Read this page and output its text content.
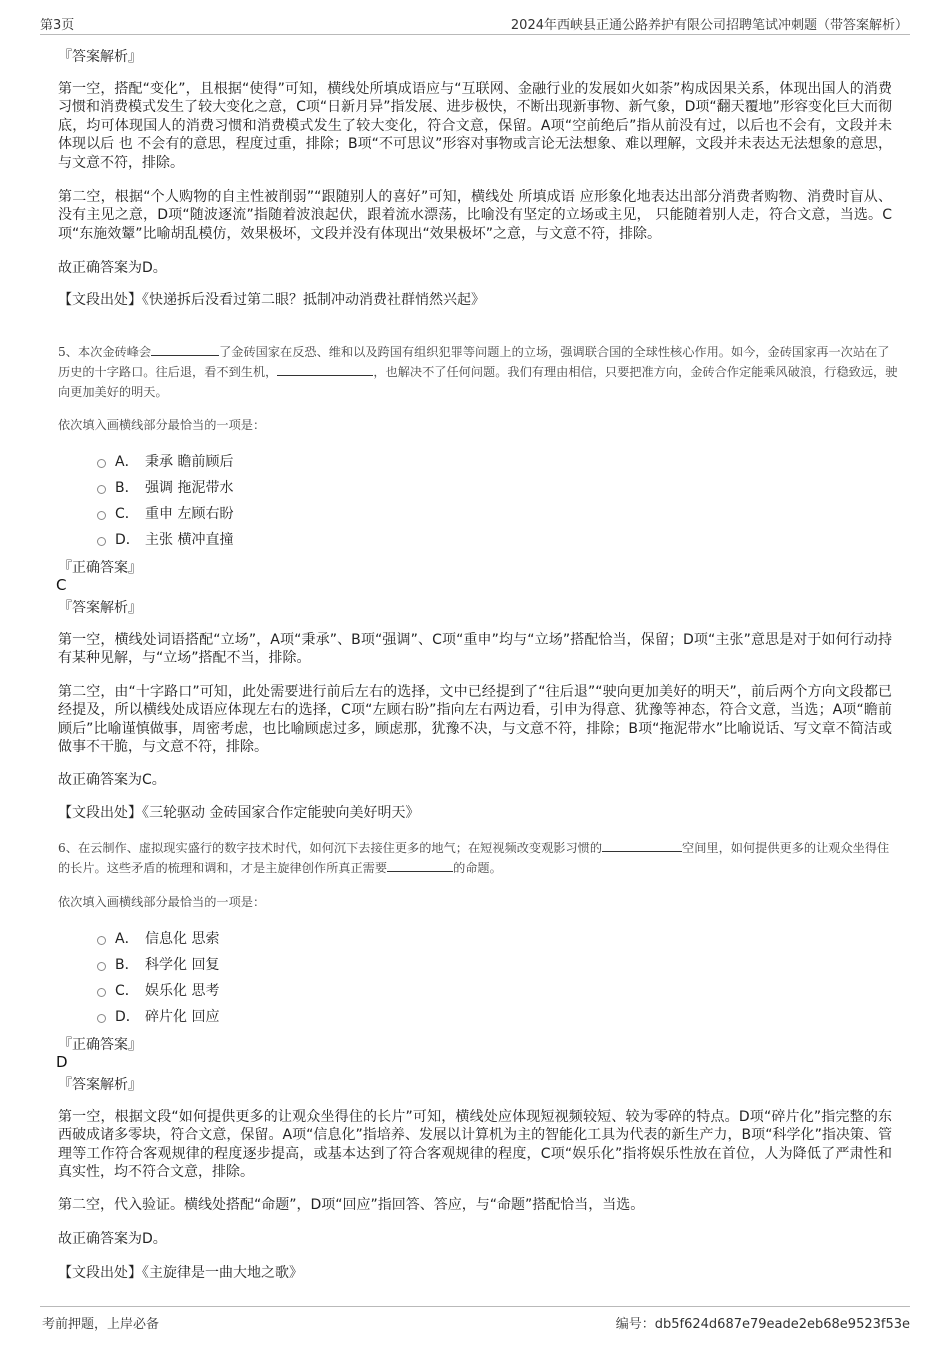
第3页	2024年西峡县正通公路养护有限公司招聘笔试冲刺题（带答案解析）
『答案解析』
第一空，搭配“变化”，且根据“使得”可知，横线处所填成语应与“互联网、金融行业的发展如火如荼”构成因果关系，体现出国人的消费习惯和消费模式发生了较大变化之意，C项“日新月异”指发展、进步极快，不断出现新事物、新气象，D项“翻天覆地”形容变化巨大而彻底，均可体现国人的消费习惯和消费模式发生了较大变化，符合文意，保留。A项“空前绝后”指从前没有过，以后也不会有，文段并未体现以后 也 不会有的意思，程度过重，排除；B项“不可思议”形容对事物或言论无法想象、难以理解，文段并未表达无法想象的意思，与文意不符，排除。
第二空，根据“个人购物的自主性被削弱”“跟随别人的喜好”可知，横线处 所填成语 应形象化地表达出部分消费者购物、消费时盲从、没有主见之意，D项“随波逐流”指随着波浪起伏，跟着流水漂荡，比喻没有坚定的立场或主见， 只能随着别人走，符合文意，当选。C项“东施效颦”比喻胡乱模仿，效果极坏，文段并没有体现出“效果极坏”之意，与文意不符，排除。
故正确答案为D。
【文段出处】《快递拆后没看过第二眼？抵制冲动消费社群悄然兴起》
5、本次金砖峰会	了金砖国家在反恐、维和以及跨国有组织犯罪等问题上的立场，强调联合国的全球性核心作用。如今，金砖国家再一次站在了历史的十字路口。往后退，看不到生机，	，也解决不了任何问题。我们有理由相信，只要把准方向，金砖合作定能乘风破浪，行稳致远，驶向更加美好的明天。
依次填入画横线部分最恰当的一项是：
A． 秉承 瞻前顾后
B． 强调 拖泥带水
C． 重申 左顾右盼
D． 主张 横冲直撞
『正确答案』
C
『答案解析』
第一空，横线处词语搭配“立场”，A项“秉承”、B项“强调”、C项“重申”均与“立场”搭配恰当，保留；D项“主张”意思是对于如何行动持有某种见解，与“立场”搭配不当，排除。
第二空，由“十字路口”可知，此处需要进行前后左右的选择，文中已经提到了“往后退”“驶向更加美好的明天”，前后两个方向文段都已经提及，所以横线处成语应体现左右的选择，C项“左顾右盼”指向左右两边看，引申为得意、犹豫等神态，符合文意，当选；A项“瞻前顾后”比喻谨慎做事，周密考虑，也比喻顾虑过多，顾虑那，犹豫不决，与文意不符，排除；B项“拖泥带水”比喻说话、写文章不简洁或做事不干脆，与文意不符，排除。
故正确答案为C。
【文段出处】《三轮驱动 金砖国家合作定能驶向美好明天》
6、在云制作、虚拟现实盛行的数字技术时代，如何沉下去接住更多的地气；在短视频改变观影习惯的	空间里，如何提供更多的让观众坐得住的长片。这些矛盾的梳理和调和，才是主旋律创作所真正需要	的命题。
依次填入画横线部分最恰当的一项是：
A． 信息化 思索
B． 科学化 回复
C． 娱乐化 思考
D． 碎片化 回应
『正确答案』
D
『答案解析』
第一空，根据文段“如何提供更多的让观众坐得住的长片”可知，横线处应体现短视频较短、较为零碎的特点。D项“碎片化”指完整的东西破成诸多零块，符合文意，保留。A项“信息化”指培养、发展以计算机为主的智能化工具为代表的新生产力，B项“科学化”指决策、管理等工作符合客观规律的程度逐步提高，或基本达到了符合客观规律的程度，C项“娱乐化”指将娱乐性放在首位，人为降低了严肃性和真实性，均不符合文意，排除。
第二空，代入验证。横线处搭配“命题”，D项“回应”指回答、答应，与“命题”搭配恰当，当选。
故正确答案为D。
【文段出处】《主旋律是一曲大地之歌》
考前押题，上岸必备	编号：db5f624d687e79eade2eb68e9523f53e
